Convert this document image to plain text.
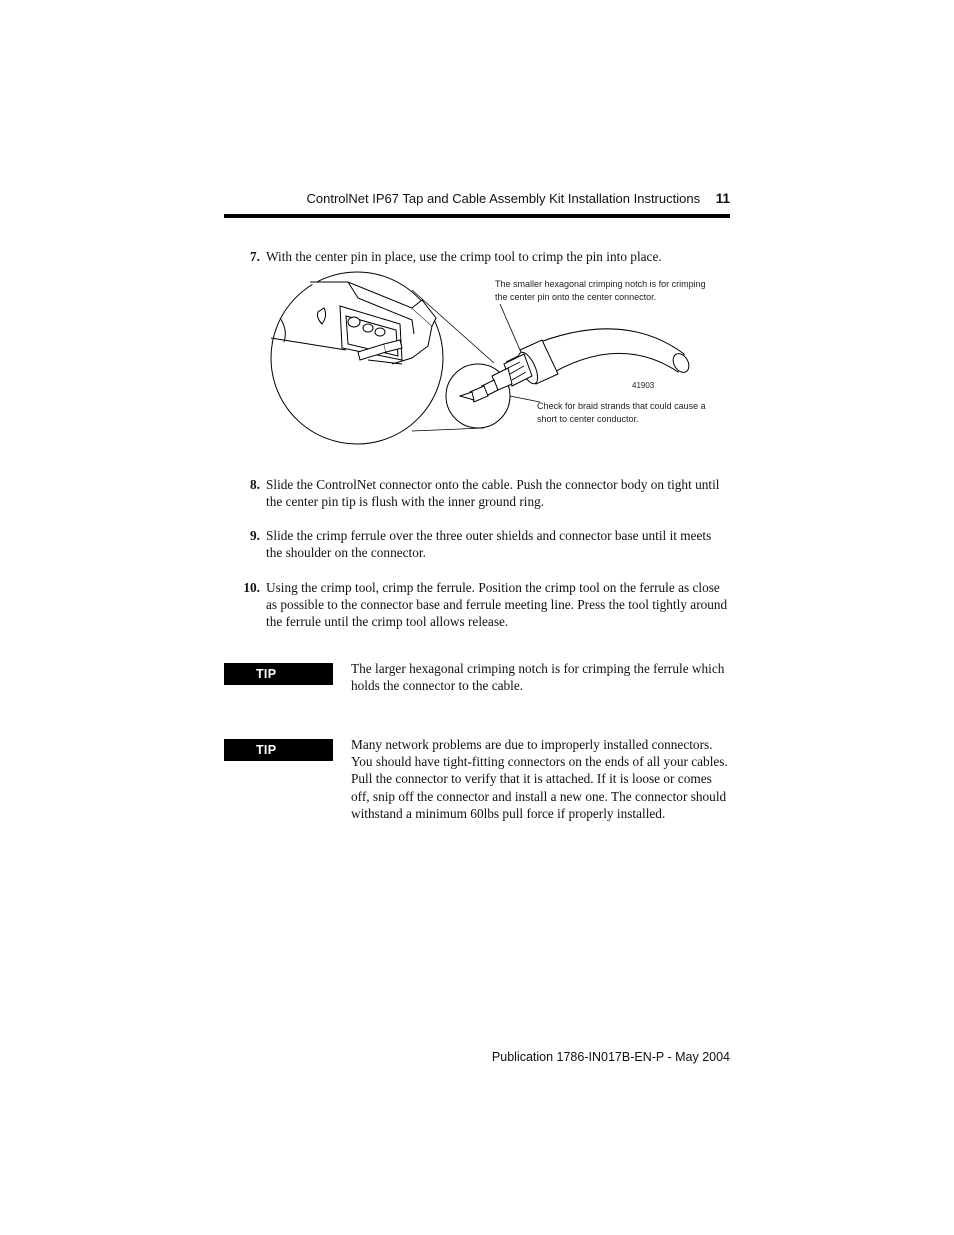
ControlNet IP67 Tap and Cable Assembly Kit Installation Instructions 11
7. With the center pin in place, use the crimp tool to crimp the pin into place.
The smaller hexagonal crimping notch is for crimping the center pin onto the center connector.
41903
Check for braid strands that could cause a short to center conductor.
8. Slide the ControlNet connector onto the cable. Push the connector body on tight until the center pin tip is flush with the inner ground ring.
9. Slide the crimp ferrule over the three outer shields and connector base until it meets the shoulder on the connector.
10. Using the crimp tool, crimp the ferrule. Position the crimp tool on the ferrule as close as possible to the connector base and ferrule meeting line. Press the tool tightly around the ferrule until the crimp tool allows release.
TIP	The larger hexagonal crimping notch is for crimping the ferrule which holds the connector to the cable.
TIP	Many network problems are due to improperly installed connectors. You should have tight-fitting connectors on the ends of all your cables. Pull the connector to verify that it is attached. If it is loose or comes off, snip off the connector and install a new one. The connector should withstand a minimum 60lbs pull force if properly installed.
Publication 1786-IN017B-EN-P - May 2004
